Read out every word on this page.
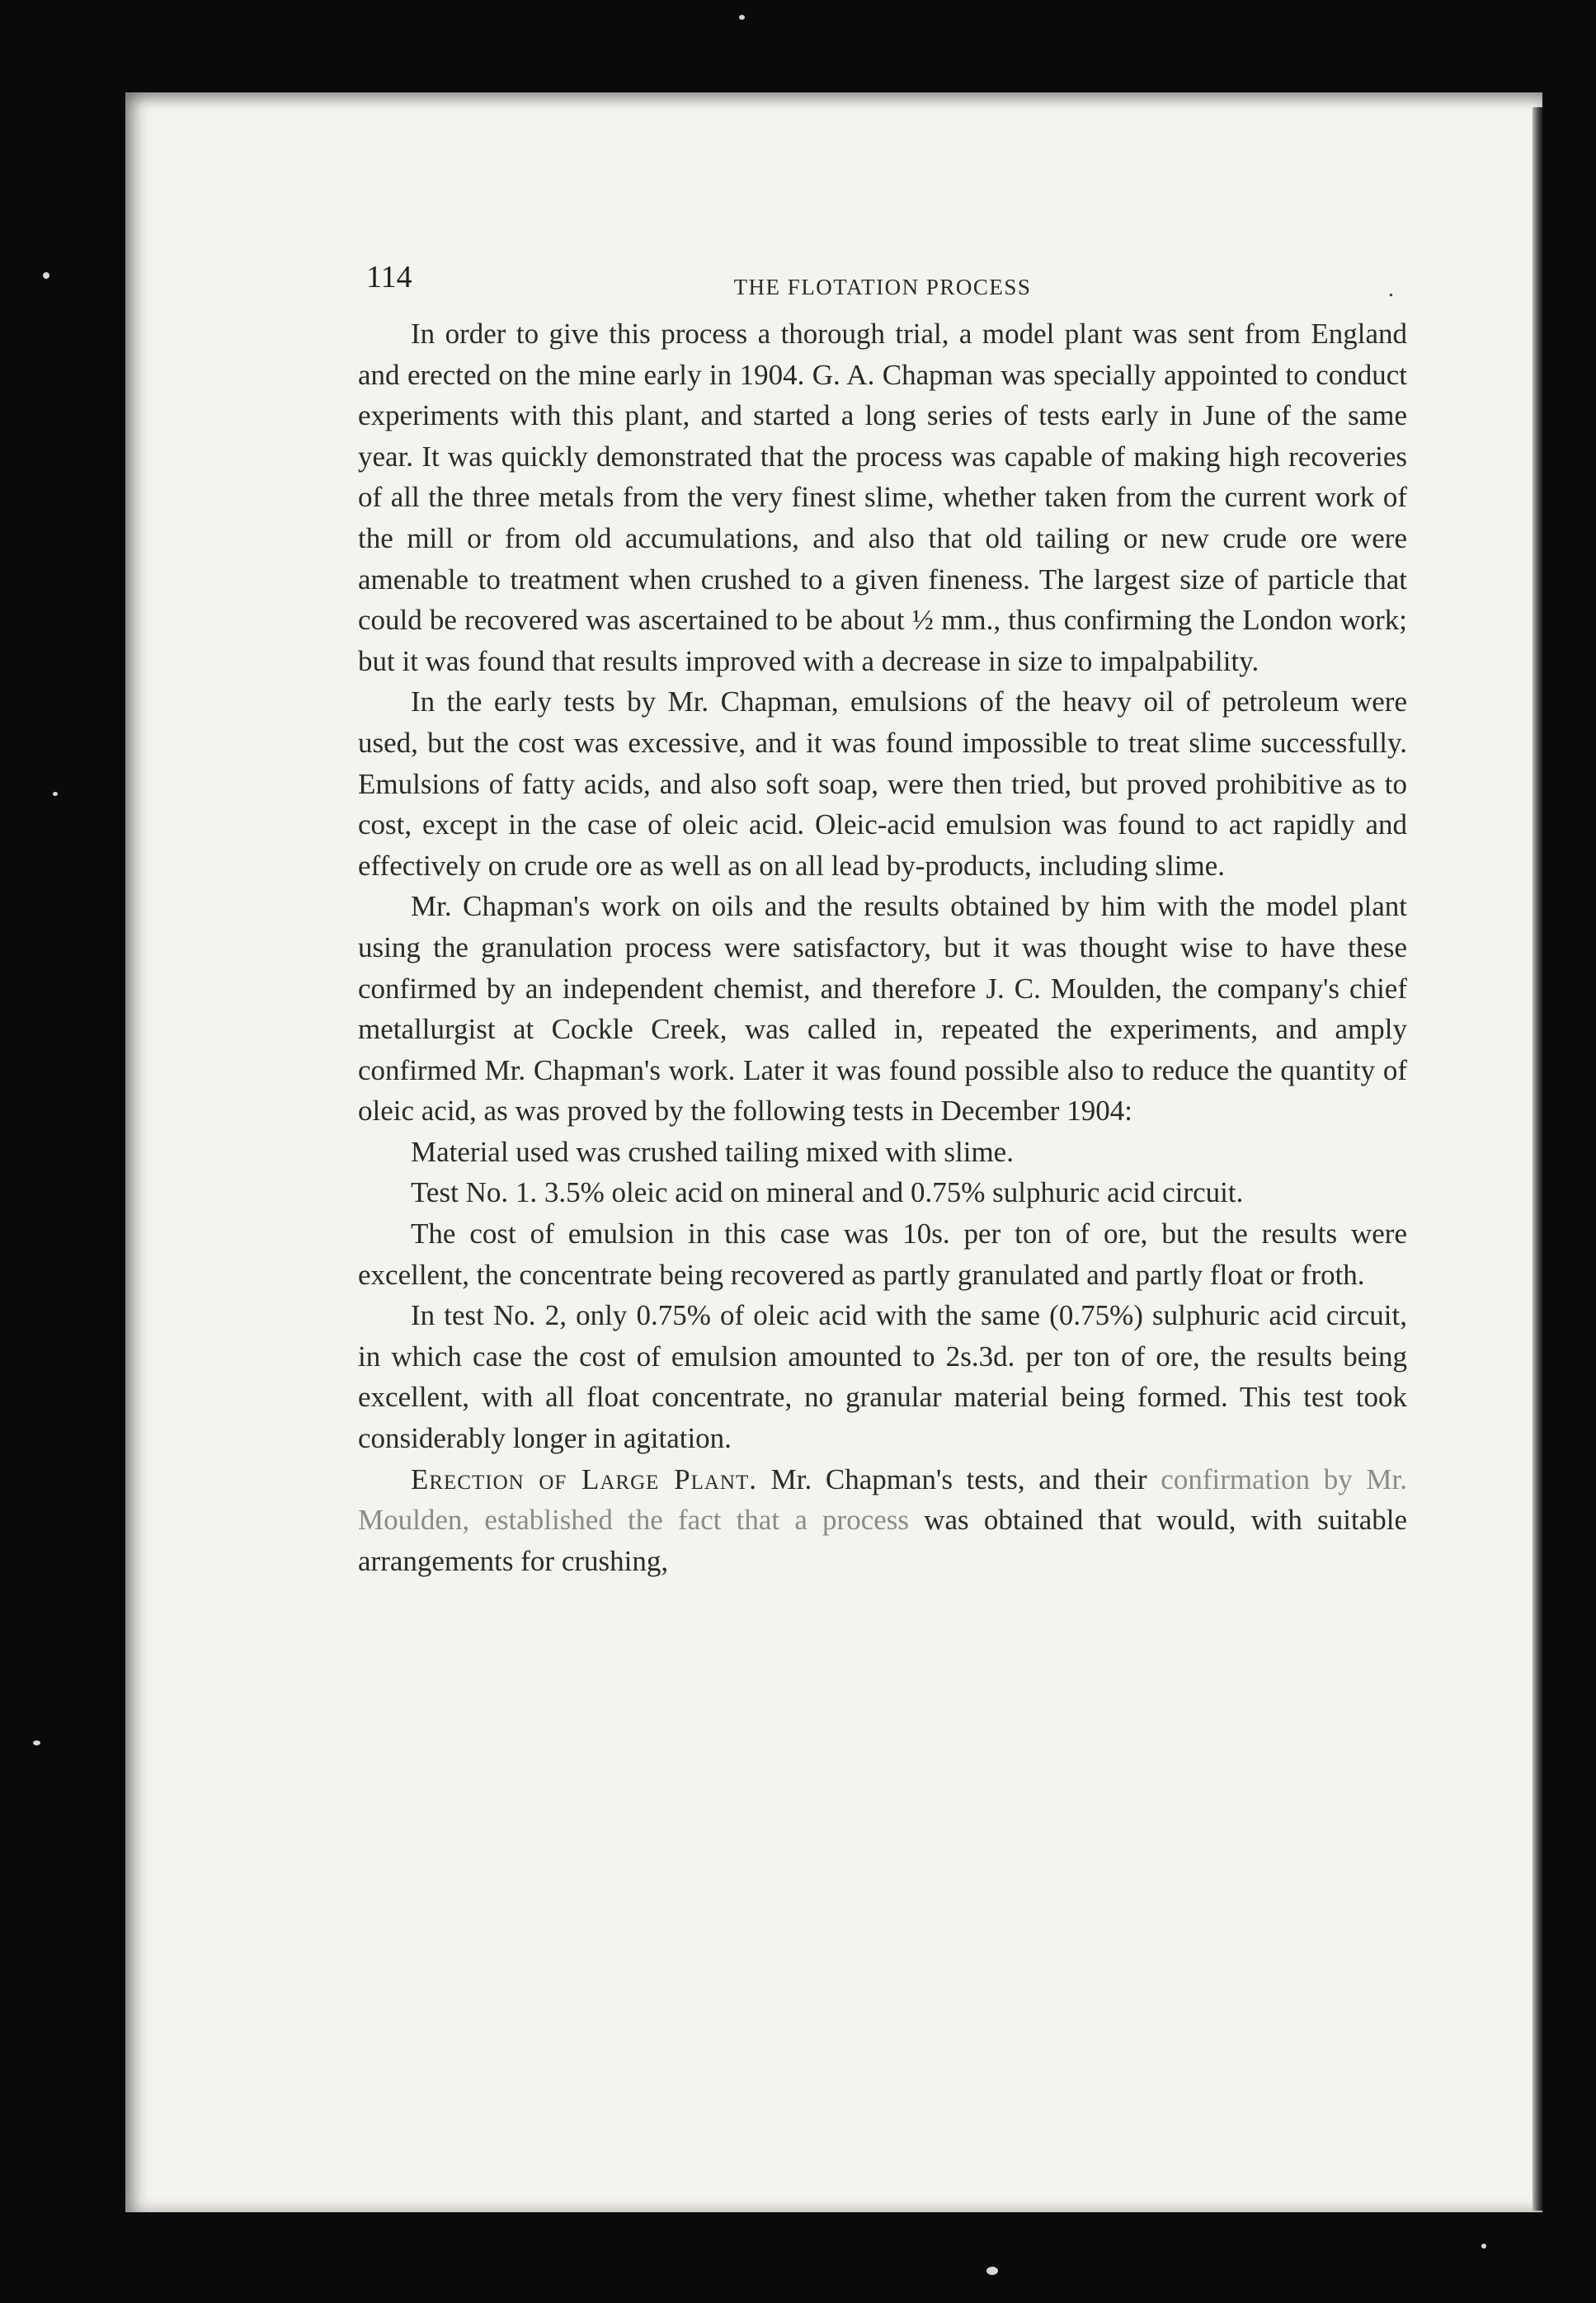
114	THE FLOTATION PROCESS	.

In order to give this process a thorough trial, a model plant was sent from England and erected on the mine early in 1904. G. A. Chapman was specially appointed to conduct experiments with this plant, and started a long series of tests early in June of the same year. It was quickly demonstrated that the process was capable of making high recoveries of all the three metals from the very finest slime, whether taken from the current work of the mill or from old accumulations, and also that old tailing or new crude ore were amenable to treatment when crushed to a given fineness. The largest size of particle that could be recovered was ascertained to be about ½ mm., thus confirming the London work; but it was found that results improved with a decrease in size to impalpability.

In the early tests by Mr. Chapman, emulsions of the heavy oil of petroleum were used, but the cost was excessive, and it was found impossible to treat slime successfully. Emulsions of fatty acids, and also soft soap, were then tried, but proved prohibitive as to cost, except in the case of oleic acid. Oleic-acid emulsion was found to act rapidly and effectively on crude ore as well as on all lead by-products, including slime.

Mr. Chapman's work on oils and the results obtained by him with the model plant using the granulation process were satisfactory, but it was thought wise to have these confirmed by an independent chemist, and therefore J. C. Moulden, the company's chief metallurgist at Cockle Creek, was called in, repeated the experiments, and amply confirmed Mr. Chapman's work. Later it was found possible also to reduce the quantity of oleic acid, as was proved by the following tests in December 1904:

Material used was crushed tailing mixed with slime.

Test No. 1. 3.5% oleic acid on mineral and 0.75% sulphuric acid circuit.

The cost of emulsion in this case was 10s. per ton of ore, but the results were excellent, the concentrate being recovered as partly granulated and partly float or froth.

In test No. 2, only 0.75% of oleic acid with the same (0.75%) sulphuric acid circuit, in which case the cost of emulsion amounted to 2s.3d. per ton of ore, the results being excellent, with all float concentrate, no granular material being formed. This test took considerably longer in agitation.

Erection of Large Plant. Mr. Chapman's tests, and their confirmation by Mr. Moulden, established the fact that a process was obtained that would, with suitable arrangements for crushing,
